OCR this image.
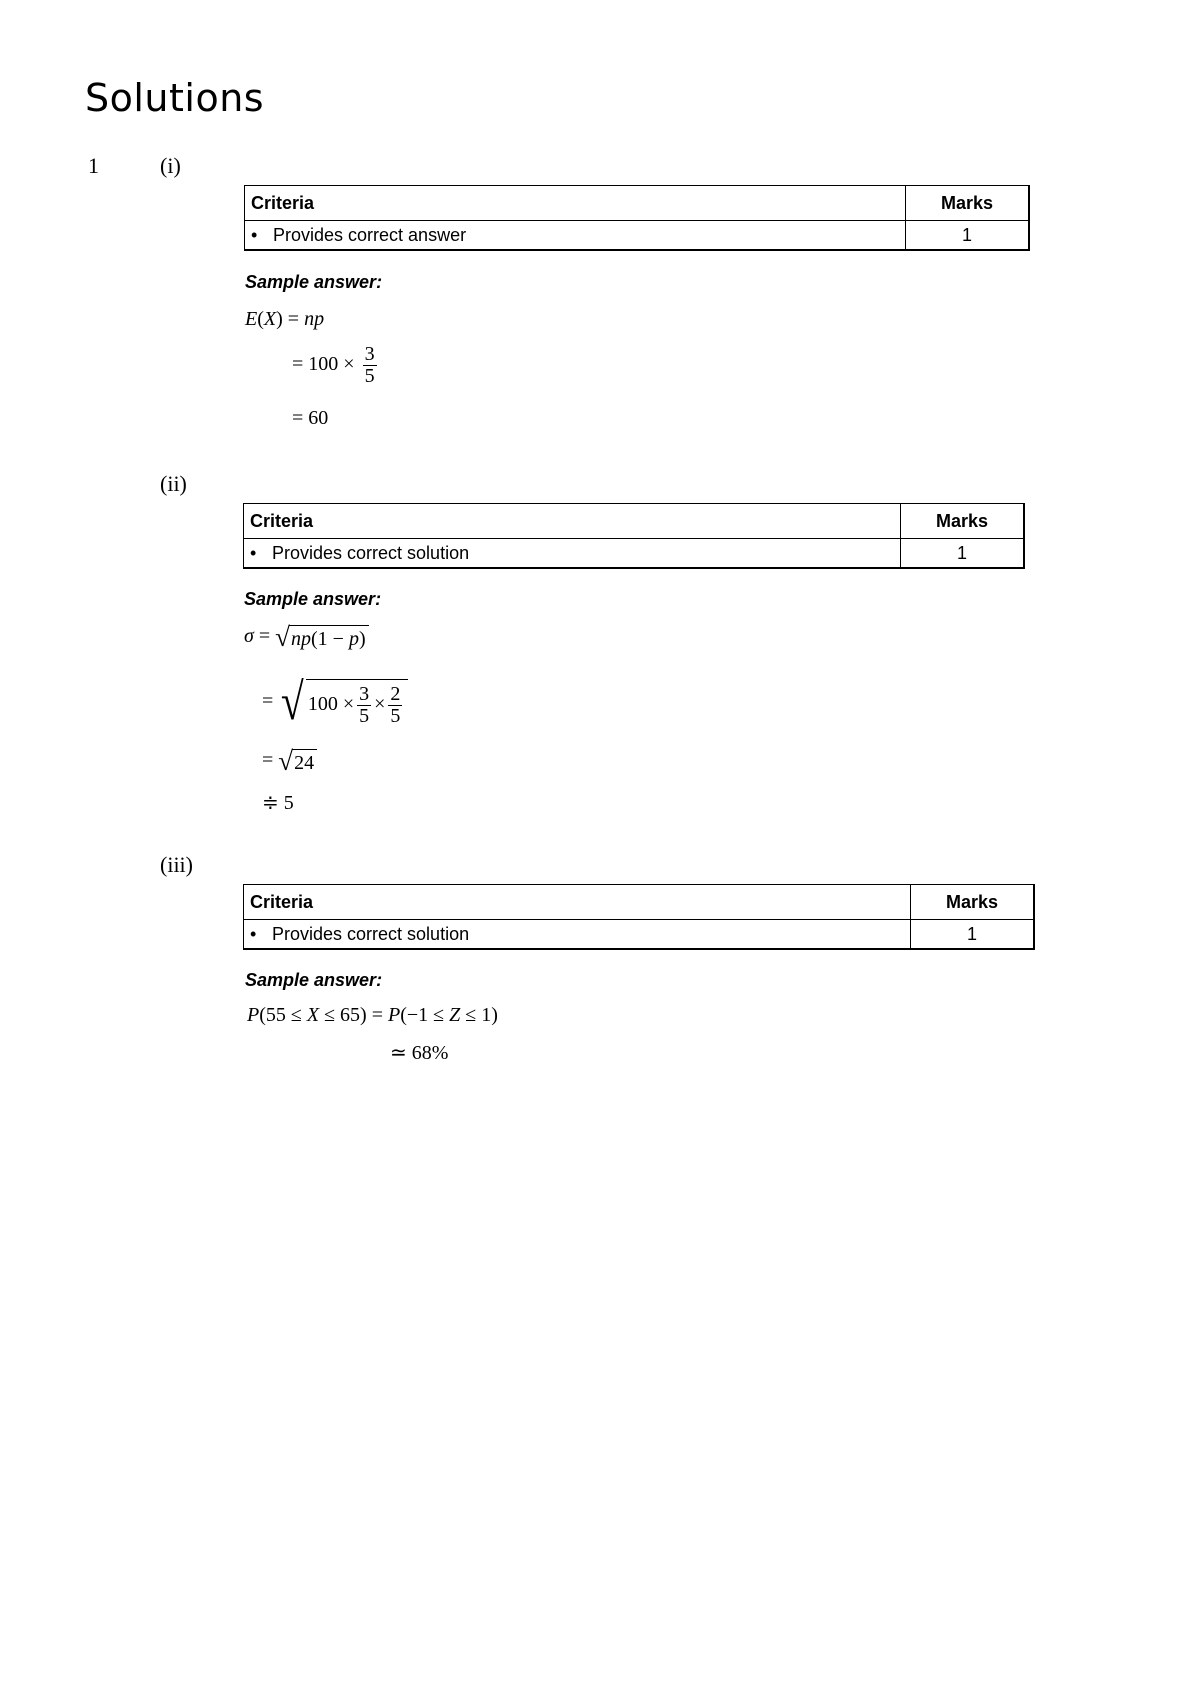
Solutions
1	(i)
Criteria	Marks
• Provides correct answer	1
Sample answer:
E(X) = np
= $100 \times \frac{3}{5}$
= 60
(ii)
Criteria	Marks
• Provides correct solution	1
Sample answer:
σ = √np(1 − p)
= √ $100 \times \frac{3}{5} \times \frac{2}{5}$
= √24
≑ 5
(iii)
Criteria	Marks
• Provides correct solution	1
Sample answer:
P(55 ≤ X ≤ 65) = P(−1 ≤ Z ≤ 1)
≃ 68%
